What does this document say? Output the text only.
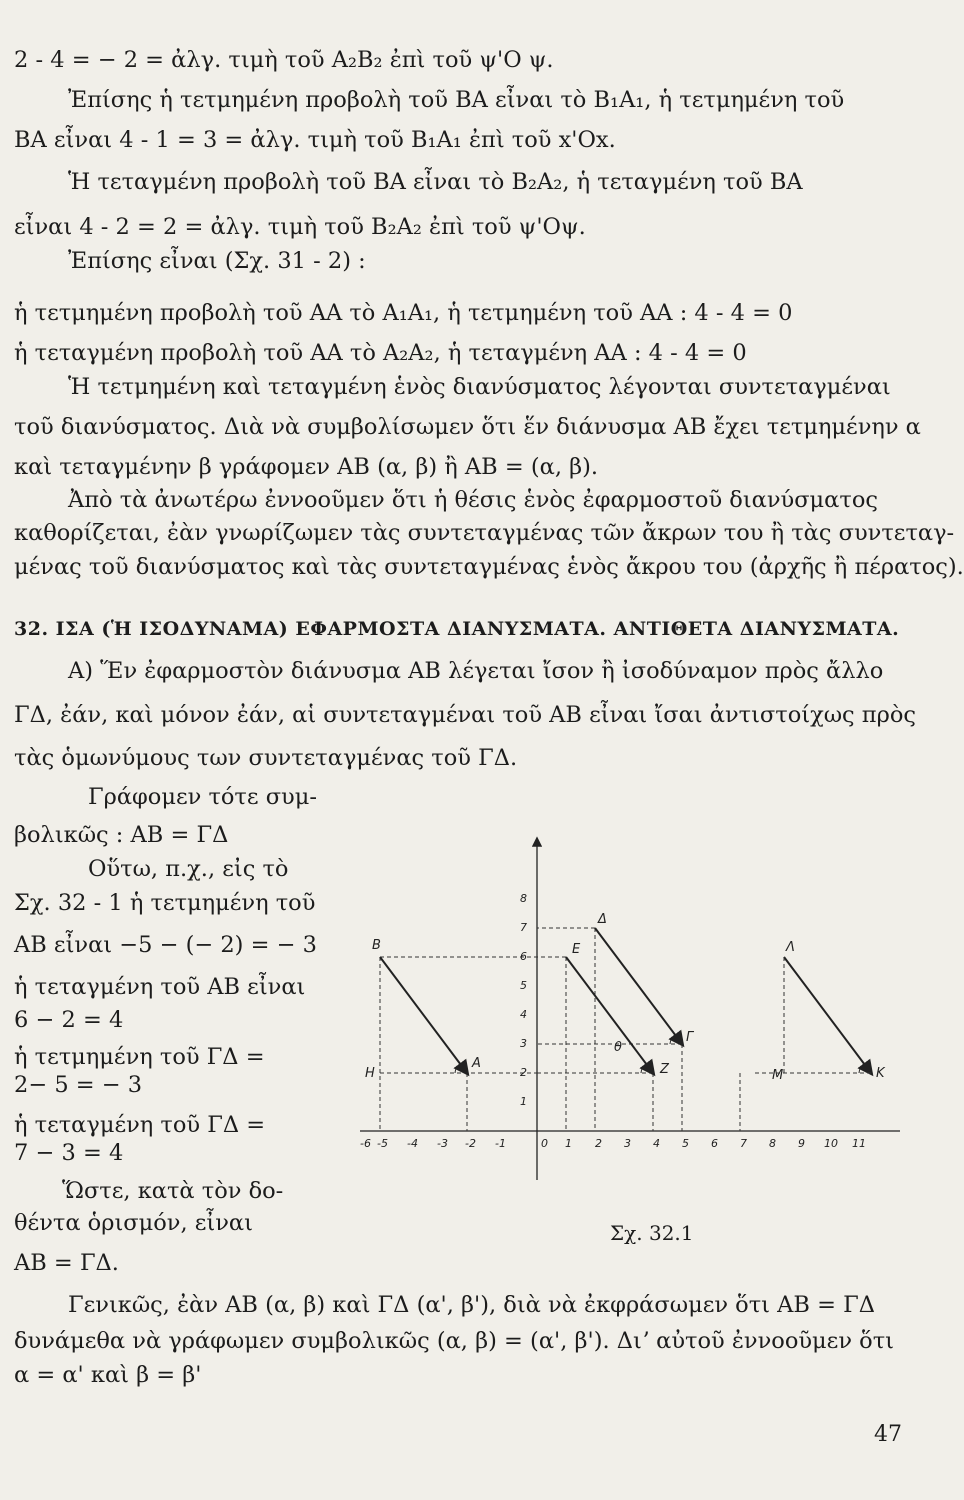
2 - 4 = − 2 = ἀλγ. τιμὴ τοῦ A₂B₂ ἐπὶ τοῦ ψ'Ο ψ.
Ἐπίσης ἡ τετμημένη προβολὴ τοῦ BA εἶναι τὸ B₁A₁, ἡ τετμημένη τοῦ
BA εἶναι 4 - 1 = 3 = ἀλγ. τιμὴ τοῦ B₁A₁ ἐπὶ τοῦ x'Ox.
Ἡ τεταγμένη προβολὴ τοῦ BA εἶναι τὸ B₂A₂, ἡ τεταγμένη τοῦ BA
εἶναι 4 - 2 = 2 = ἀλγ. τιμὴ τοῦ B₂A₂ ἐπὶ τοῦ ψ'Οψ.
Ἐπίσης εἶναι (Σχ. 31 - 2) :
ἡ τετμημένη προβολὴ τοῦ AA τὸ A₁A₁, ἡ τετμημένη τοῦ AA : 4 - 4 = 0
ἡ τεταγμένη προβολὴ τοῦ AA τὸ A₂A₂, ἡ τεταγμένη AA : 4 - 4 = 0
Ἡ τετμημένη καὶ τεταγμένη ἑνὸς διανύσματος λέγονται συντεταγμέναι
τοῦ διανύσματος. Διὰ νὰ συμβολίσωμεν ὅτι ἕν διάνυσμα AB ἔχει τετμημένην α
καὶ τεταγμένην β γράφομεν AB (α, β) ἢ AB = (α, β).
Ἀπὸ τὰ ἀνωτέρω ἐννοοῦμεν ὅτι ἡ θέσις ἑνὸς ἐφαρμοστοῦ διανύσματος
καθορίζεται, ἐὰν γνωρίζωμεν τὰς συντεταγμένας τῶν ἄκρων του ἢ τὰς συντεταγ-
μένας τοῦ διανύσματος καὶ τὰς συντεταγμένας ἑνὸς ἄκρου του (ἀρχῆς ἢ πέρατος).
32. ΙΣΑ (Ἡ ΙΣΟΔΥΝΑΜΑ) ΕΦΑΡΜΟΣΤΑ ΔΙΑΝΥΣΜΑΤΑ. ΑΝΤΙΘΕΤΑ ΔΙΑΝΥΣΜΑΤΑ.
Α) Ἕν ἐφαρμοστὸν διάνυσμα AB λέγεται ἴσον ἢ ἰσοδύναμον πρὸς ἄλλο
ΓΔ, ἐάν, καὶ μόνον ἐάν, αἱ συντεταγμέναι τοῦ AB εἶναι ἴσαι ἀντιστοίχως πρὸς
τὰς ὁμωνύμους των συντεταγμένας τοῦ ΓΔ.
Γράφομεν τότε συμ-
βολικῶς : AB = ΓΔ
Οὕτω, π.χ., εἰς τὸ
Σχ. 32 - 1 ἡ τετμημένη τοῦ
AB εἶναι −5 − (− 2) = − 3
ἡ τεταγμένη τοῦ AB εἶναι
6 − 2 = 4
ἡ τετμημένη τοῦ ΓΔ =
2− 5 = − 3
ἡ τεταγμένη τοῦ ΓΔ =
7 − 3 = 4
Ὥστε, κατὰ τὸν δο-
θέντα ὁρισμόν, εἶναι
AB = ΓΔ.
Σχ. 32.1
Γενικῶς, ἐὰν AB (α, β) καὶ ΓΔ (α', β'), διὰ νὰ ἐκφράσωμεν ὅτι AB = ΓΔ
δυνάμεθα νὰ γράφωμεν συμβολικῶς (α, β) = (α', β'). Διʼ αὐτοῦ ἐννοοῦμεν ὅτι
α = α' καὶ β = β'
47
1
2
3
4
5
6
7
8
-6 -5 -4 -3 -2 -1	0 1 2 3 4 5 6 7 8 9 10 11
B
A
H
Δ
Γ
E
Z
θ
Λ
M	K
